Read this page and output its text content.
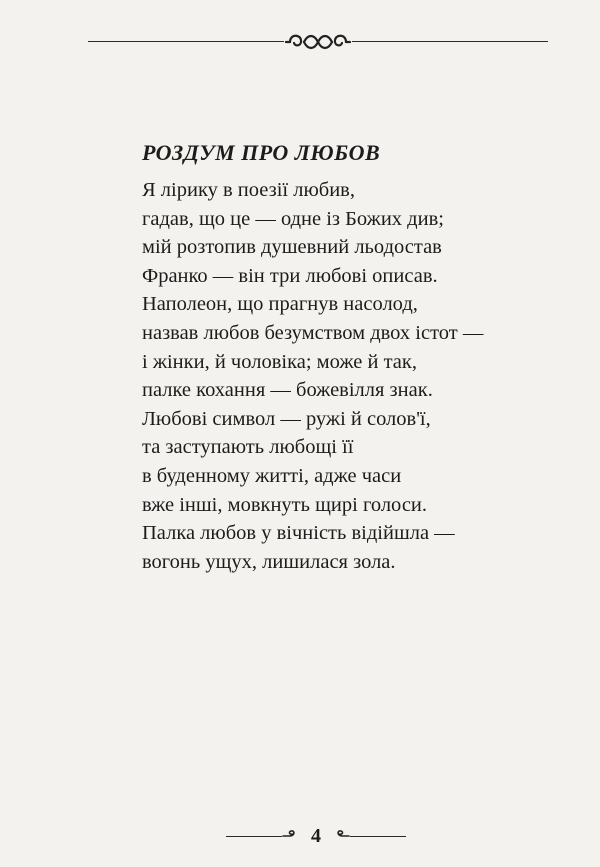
РОЗДУМ ПРО ЛЮБОВ
Я лірику в поезії любив,
гадав, що це — одне із Божих див;
мій розтопив душевний льодостав
Франко — він три любові описав.
Наполеон, що прагнув насолод,
назвав любов безумством двох істот —
і жінки, й чоловіка; може й так,
палке кохання — божевілля знак.
Любові символ — ружі й солов'ї,
та заступають любощі її
в буденному житті, адже часи
вже інші, мовкнуть щирі голоси.
Палка любов у вічність відійшла —
вогонь ущух, лишилася зола.
4
